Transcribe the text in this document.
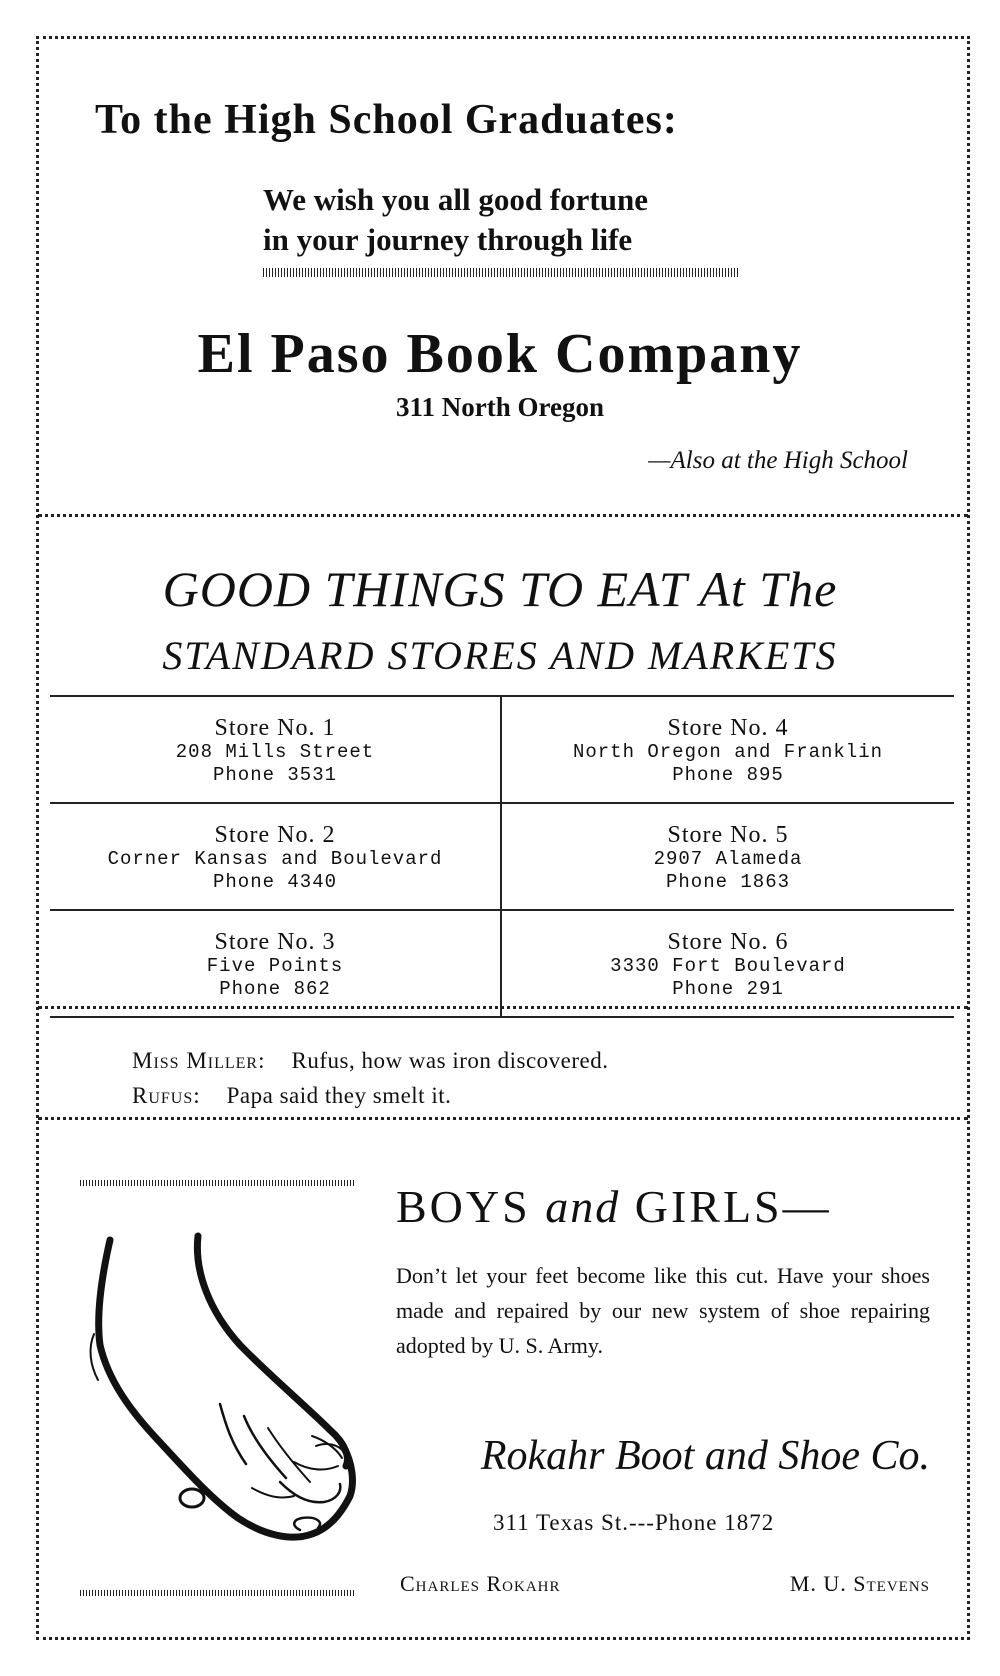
To the High School Graduates:
We wish you all good fortune
in your journey through life
El Paso Book Company
311 North Oregon
—Also at the High School
GOOD THINGS TO EAT At The
STANDARD STORES AND MARKETS
Store No. 1
208 Mills Street
Phone 3531
Store No. 4
North Oregon and Franklin
Phone 895
Store No. 2
Corner Kansas and Boulevard
Phone 4340
Store No. 5
2907 Alameda
Phone 1863
Store No. 3
Five Points
Phone 862
Store No. 6
3330 Fort Boulevard
Phone 291
Miss Miller: Rufus, how was iron discovered.
Rufus: Papa said they smelt it.
BOYS and GIRLS—
Don’t let your feet become like this cut. Have your shoes made and repaired by our new system of shoe repairing adopted by U. S. Army.
Rokahr Boot and Shoe Co.
311 Texas St.---Phone 1872
Charles Rokahr	M. U. Stevens
